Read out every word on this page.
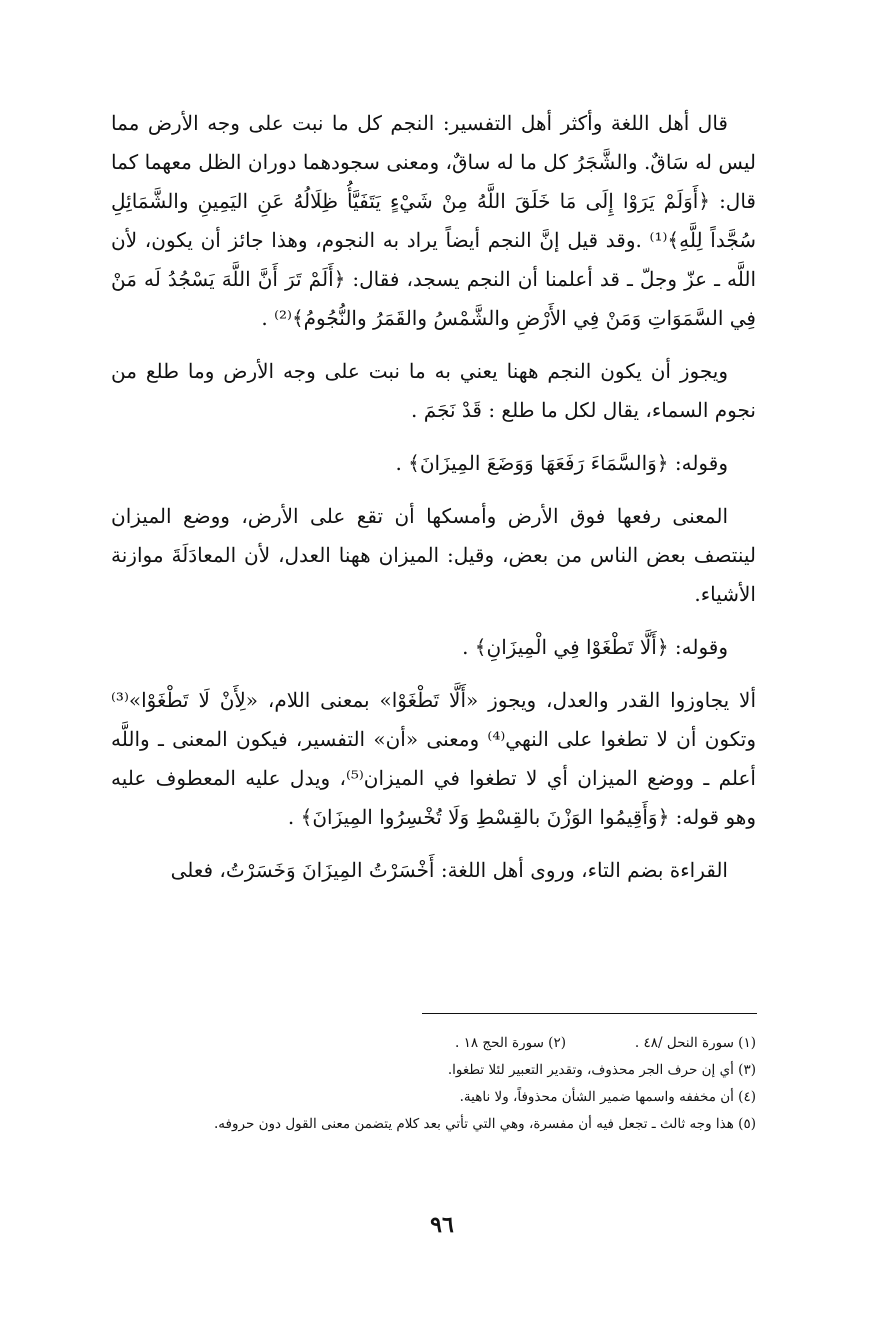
قال أهل اللغة وأكثر أهل التفسير: النجم كل ما نبت على وجه الأرض مما ليس له سَاقٌ. والشَّجَرُ كل ما له ساقٌ، ومعنى سجودهما دوران الظل معهما كما قال: ﴿أَوَلَمْ يَرَوْا إِلَى مَا خَلَقَ اللَّهُ مِنْ شَيْءٍ يَتَفَيَّأُ ظِلَالُهُ عَنِ اليَمِينِ والشَّمَائِلِ سُجَّداً لِلَّهِ﴾⁽¹⁾ .وقد قيل إنَّ النجم أيضاً يراد به النجوم، وهذا جائز أن يكون، لأن اللَّه ـ عزّ وجلّ ـ قد أعلمنا أن النجم يسجد، فقال: ﴿أَلَمْ تَرَ أَنَّ اللَّهَ يَسْجُدُ لَه مَنْ فِي السَّمَوَاتِ وَمَنْ فِي الأَرْضِ والشَّمْسُ والقَمَرُ والنُّجُومُ﴾⁽²⁾ .

ويجوز أن يكون النجم ههنا يعني به ما نبت على وجه الأرض وما طلع من نجوم السماء، يقال لكل ما طلع : قَدْ نَجَمَ .

وقوله: ﴿وَالسَّمَاءَ رَفَعَهَا وَوَضَعَ المِيزَانَ﴾ .

المعنى رفعها فوق الأرض وأمسكها أن تقع على الأرض، ووضع الميزان لينتصف بعض الناس من بعض، وقيل: الميزان ههنا العدل، لأن المعادَلَةَ موازنة الأشياء.

وقوله: ﴿أَلَّا تَطْغَوْا فِي الْمِيزَانِ﴾ .

ألا يجاوزوا القدر والعدل، ويجوز «أَلَّا تَطْغَوْا» بمعنى اللام، «لِأَنْ لَا تَطْغَوْا»⁽³⁾ وتكون أن لا تطغوا على النهي⁽⁴⁾ ومعنى «أن» التفسير، فيكون المعنى ـ واللَّه أعلم ـ ووضع الميزان أي لا تطغوا في الميزان⁽⁵⁾، ويدل عليه المعطوف عليه وهو قوله: ﴿وَأَقِيمُوا الوَزْنَ بالقِسْطِ وَلَا تُخْسِرُوا المِيزَانَ﴾ .

القراءة بضم التاء، وروى أهل اللغة: أَخْسَرْتُ المِيزَانَ وَخَسَرْتُ، فعلى

(١) سورة النحل /٤٨ .
(٢) سورة الحج ١٨ .
(٣) أي إن حرف الجر محذوف، وتقدير التعبير لئلا تطغوا.
(٤) أن مخففه واسمها ضمير الشأن محذوفاً، ولا ناهية.
(٥) هذا وجه ثالث ـ تجعل فيه أن مفسرة، وهي التي تأتي بعد كلام يتضمن معنى القول دون حروفه.
٩٦
